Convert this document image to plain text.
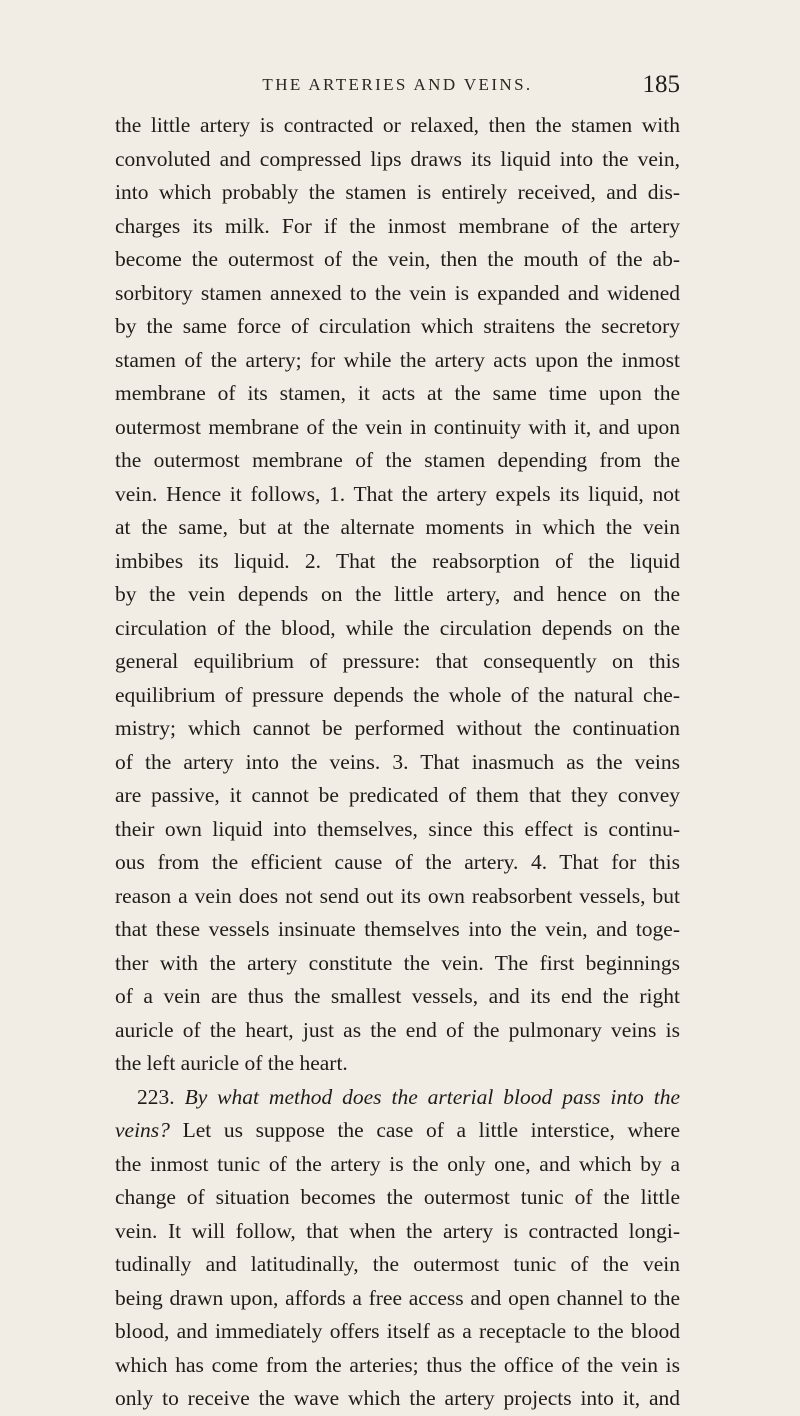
THE ARTERIES AND VEINS.	185
the little artery is contracted or relaxed, then the stamen with
convoluted and compressed lips draws its liquid into the vein,
into which probably the stamen is entirely received, and dis-
charges its milk. For if the inmost membrane of the artery
become the outermost of the vein, then the mouth of the ab-
sorbitory stamen annexed to the vein is expanded and widened
by the same force of circulation which straitens the secretory
stamen of the artery; for while the artery acts upon the inmost
membrane of its stamen, it acts at the same time upon the
outermost membrane of the vein in continuity with it, and upon
the outermost membrane of the stamen depending from the
vein. Hence it follows, 1. That the artery expels its liquid, not
at the same, but at the alternate moments in which the vein
imbibes its liquid. 2. That the reabsorption of the liquid
by the vein depends on the little artery, and hence on the
circulation of the blood, while the circulation depends on the
general equilibrium of pressure: that consequently on this
equilibrium of pressure depends the whole of the natural che-
mistry; which cannot be performed without the continuation
of the artery into the veins. 3. That inasmuch as the veins
are passive, it cannot be predicated of them that they convey
their own liquid into themselves, since this effect is continu-
ous from the efficient cause of the artery. 4. That for this
reason a vein does not send out its own reabsorbent vessels, but
that these vessels insinuate themselves into the vein, and toge-
ther with the artery constitute the vein. The first beginnings
of a vein are thus the smallest vessels, and its end the right
auricle of the heart, just as the end of the pulmonary veins is
the left auricle of the heart.
223. By what method does the arterial blood pass into the
veins? Let us suppose the case of a little interstice, where
the inmost tunic of the artery is the only one, and which by a
change of situation becomes the outermost tunic of the little
vein. It will follow, that when the artery is contracted longi-
tudinally and latitudinally, the outermost tunic of the vein
being drawn upon, affords a free access and open channel to the
blood, and immediately offers itself as a receptacle to the blood
which has come from the arteries; thus the office of the vein is
only to receive the wave which the artery projects into it, and
